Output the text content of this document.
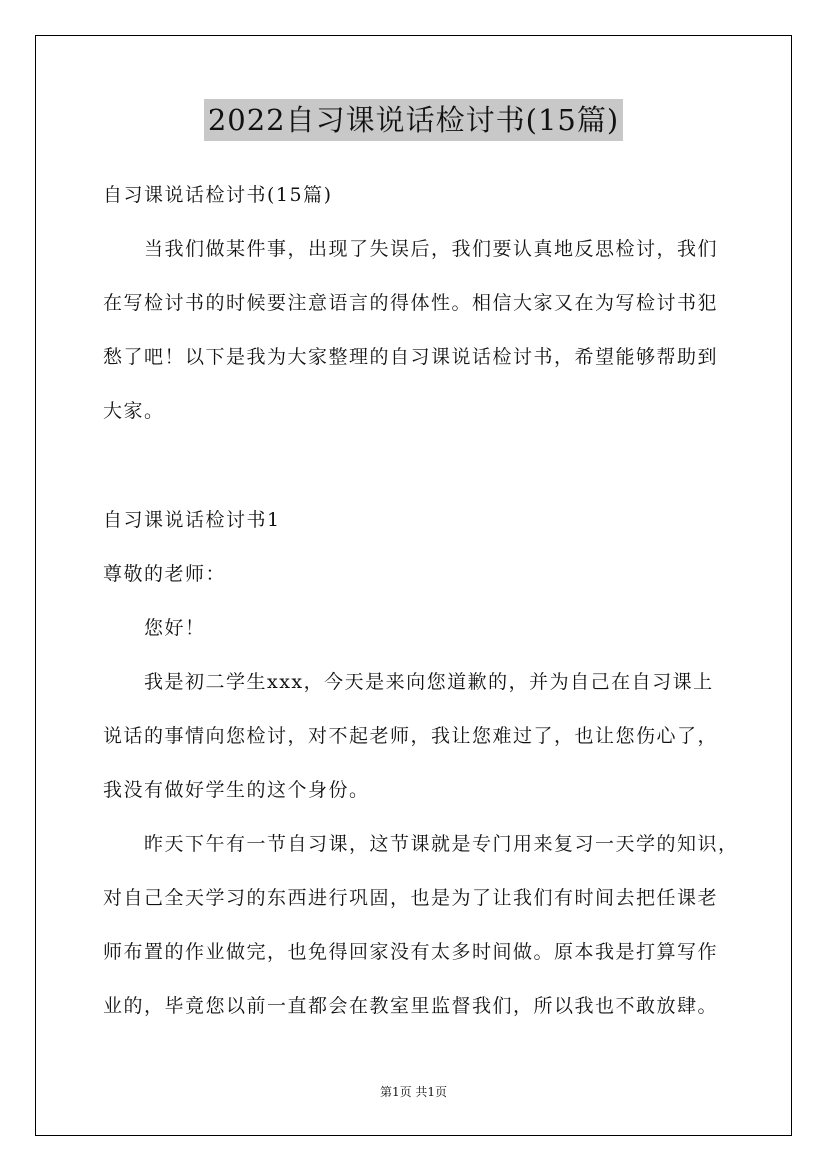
2022自习课说话检讨书(15篇)
自习课说话检讨书(15篇)
当我们做某件事，出现了失误后，我们要认真地反思检讨，我们
在写检讨书的时候要注意语言的得体性。相信大家又在为写检讨书犯
愁了吧！以下是我为大家整理的自习课说话检讨书，希望能够帮助到
大家。
自习课说话检讨书1
尊敬的老师：
您好！
我是初二学生xxx，今天是来向您道歉的，并为自己在自习课上
说话的事情向您检讨，对不起老师，我让您难过了，也让您伤心了，
我没有做好学生的这个身份。
昨天下午有一节自习课，这节课就是专门用来复习一天学的知识，
对自己全天学习的东西进行巩固，也是为了让我们有时间去把任课老
师布置的作业做完，也免得回家没有太多时间做。原本我是打算写作
业的，毕竟您以前一直都会在教室里监督我们，所以我也不敢放肆。
第1页 共1页
